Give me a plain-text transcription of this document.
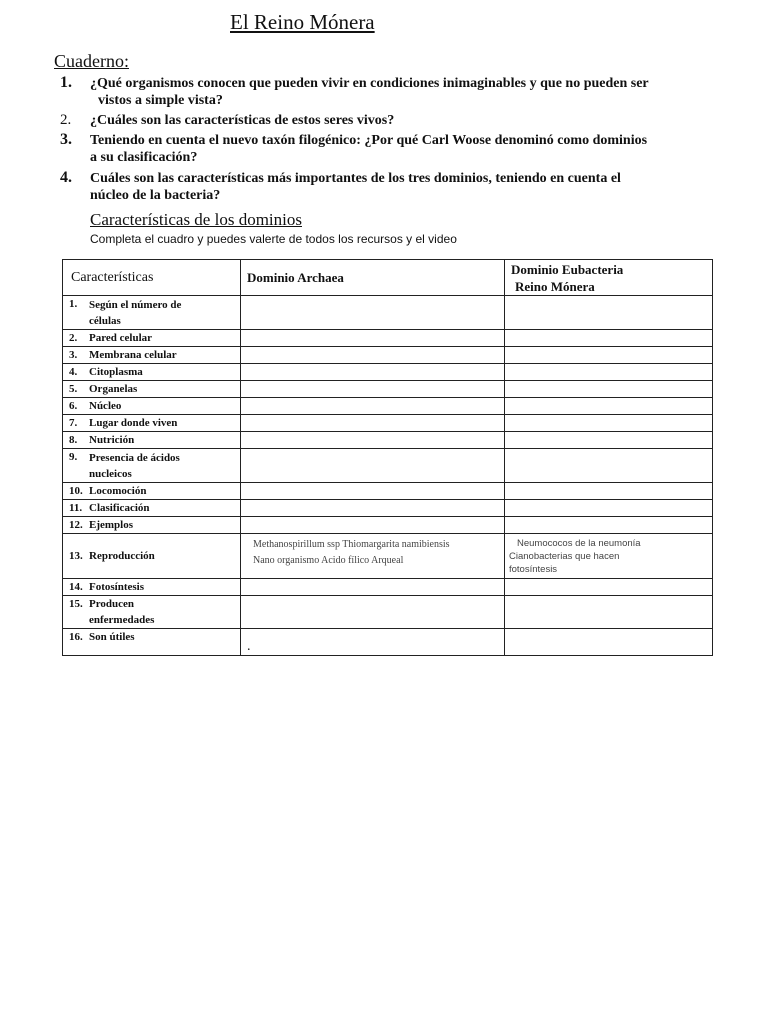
El Reino Mónera
Cuaderno:
1. ¿Qué organismos conocen que pueden vivir en condiciones inimaginables y que no pueden ser
vistos a simple vista?
2. ¿Cuáles son las características de estos seres vivos?
3. Teniendo en cuenta el nuevo taxón filogénico: ¿Por qué Carl Woose denominó como dominios
a su clasificación?
4. Cuáles son las características más importantes de los tres dominios, teniendo en cuenta el
núcleo de la bacteria?
Características de los dominios
Completa el cuadro y puedes valerte de todos los recursos y el video
Características	Dominio Archaea	Dominio Eubacteria
Reino Mónera

1. Según el número de
células		

2. Pared celular		

3. Membrana celular		

4. Citoplasma		

5. Organelas		

6. Núcleo		

7. Lugar donde viven		

8. Nutrición		

9. Presencia de ácidos
nucleicos		

10. Locomoción		

11. Clasificación		

12. Ejemplos		

13. Reproducción	Methanospirillum ssp Thiomargarita namibiensis
Nano organismo Acido fílico Arqueal	Neumococos de la neumonía
Cianobacterias que hacen
fotosíntesis

14. Fotosíntesis		

15. Producen
enfermedades		

16. Son útiles	.	
